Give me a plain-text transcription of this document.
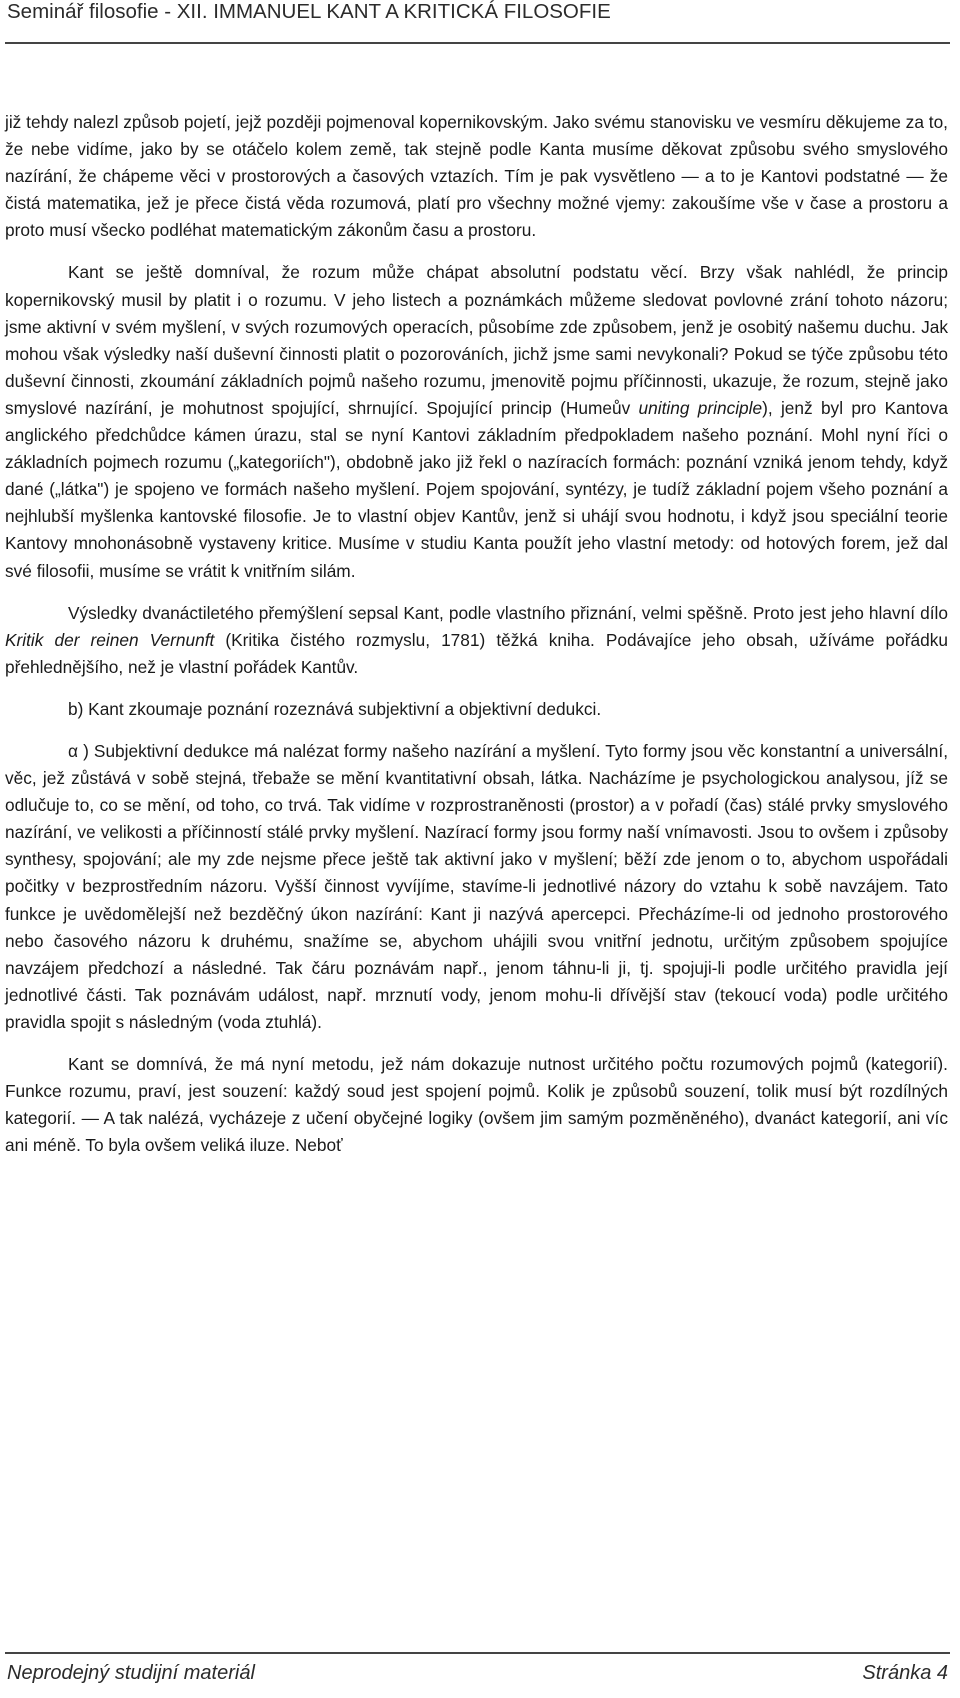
Seminář filosofie - XII. IMMANUEL KANT A KRITICKÁ FILOSOFIE

již tehdy nalezl způsob pojetí, jejž později pojmenoval kopernikovským. Jako svému stanovisku ve vesmíru děkujeme za to, že nebe vidíme, jako by se otáčelo kolem země, tak stejně podle Kanta musíme děkovat způsobu svého smyslového nazírání, že chápeme věci v prostorových a časových vztazích. Tím je pak vysvětleno — a to je Kantovi podstatné — že čistá matematika, jež je přece čistá věda rozumová, platí pro všechny možné vjemy: zakoušíme vše v čase a prostoru a proto musí všecko podléhat matematickým zákonům času a prostoru.

Kant se ještě domníval, že rozum může chápat absolutní podstatu věcí. Brzy však nahlédl, že princip kopernikovský musil by platit i o rozumu. V jeho listech a poznámkách můžeme sledovat povlovné zrání tohoto názoru; jsme aktivní v svém myšlení, v svých rozumových operacích, působíme zde způsobem, jenž je osobitý našemu duchu. Jak mohou však výsledky naší duševní činnosti platit o pozorováních, jichž jsme sami nevykonali? Pokud se týče způsobu této duševní činnosti, zkoumání základních pojmů našeho rozumu, jmenovitě pojmu příčinnosti, ukazuje, že rozum, stejně jako smyslové nazírání, je mohutnost spojující, shrnující. Spojující princip (Humeův uniting principle), jenž byl pro Kantova anglického předchůdce kámen úrazu, stal se nyní Kantovi základním předpokladem našeho poznání. Mohl nyní říci o základních pojmech rozumu („kategoriích"), obdobně jako již řekl o nazíracích formách: poznání vzniká jenom tehdy, když dané („látka") je spojeno ve formách našeho myšlení. Pojem spojování, syntézy, je tudíž základní pojem všeho poznání a nejhlubší myšlenka kantovské filosofie. Je to vlastní objev Kantův, jenž si uhájí svou hodnotu, i když jsou speciální teorie Kantovy mnohonásobně vystaveny kritice. Musíme v studiu Kanta použít jeho vlastní metody: od hotových forem, jež dal své filosofii, musíme se vrátit k vnitřním silám.

Výsledky dvanáctiletého přemýšlení sepsal Kant, podle vlastního přiznání, velmi spěšně. Proto jest jeho hlavní dílo Kritik der reinen Vernunft (Kritika čistého rozmyslu, 1781) těžká kniha. Podávajíce jeho obsah, užíváme pořádku přehlednějšího, než je vlastní pořádek Kantův.

b) Kant zkoumaje poznání rozeznává subjektivní a objektivní dedukci.

α ) Subjektivní dedukce má nalézat formy našeho nazírání a myšlení. Tyto formy jsou věc konstantní a universální, věc, jež zůstává v sobě stejná, třebaže se mění kvantitativní obsah, látka. Nacházíme je psychologickou analysou, jíž se odlučuje to, co se mění, od toho, co trvá. Tak vidíme v rozprostraněnosti (prostor) a v pořadí (čas) stálé prvky smyslového nazírání, ve velikosti a příčinností stálé prvky myšlení. Nazírací formy jsou formy naší vnímavosti. Jsou to ovšem i způsoby synthesy, spojování; ale my zde nejsme přece ještě tak aktivní jako v myšlení; běží zde jenom o to, abychom uspořádali počitky v bezprostředním názoru. Vyšší činnost vyvíjíme, stavíme-li jednotlivé názory do vztahu k sobě navzájem. Tato funkce je uvědomělejší než bezděčný úkon nazírání: Kant ji nazývá apercepci. Přecházíme-li od jednoho prostorového nebo časového názoru k druhému, snažíme se, abychom uhájili svou vnitřní jednotu, určitým způsobem spojujíce navzájem předchozí a následné. Tak čáru poznávám např., jenom táhnu-li ji, tj. spojuji-li podle určitého pravidla její jednotlivé části. Tak poznávám událost, např. mrznutí vody, jenom mohu-li dřívější stav (tekoucí voda) podle určitého pravidla spojit s následným (voda ztuhlá).

Kant se domnívá, že má nyní metodu, jež nám dokazuje nutnost určitého počtu rozumových pojmů (kategorií). Funkce rozumu, praví, jest souzení: každý soud jest spojení pojmů. Kolik je způsobů souzení, tolik musí být rozdílných kategorií. — A tak nalézá, vycházeje z učení obyčejné logiky (ovšem jim samým pozměněného), dvanáct kategorií, ani víc ani méně. To byla ovšem veliká iluze. Neboť

Neprodejný studijní materiál	Stránka 4
